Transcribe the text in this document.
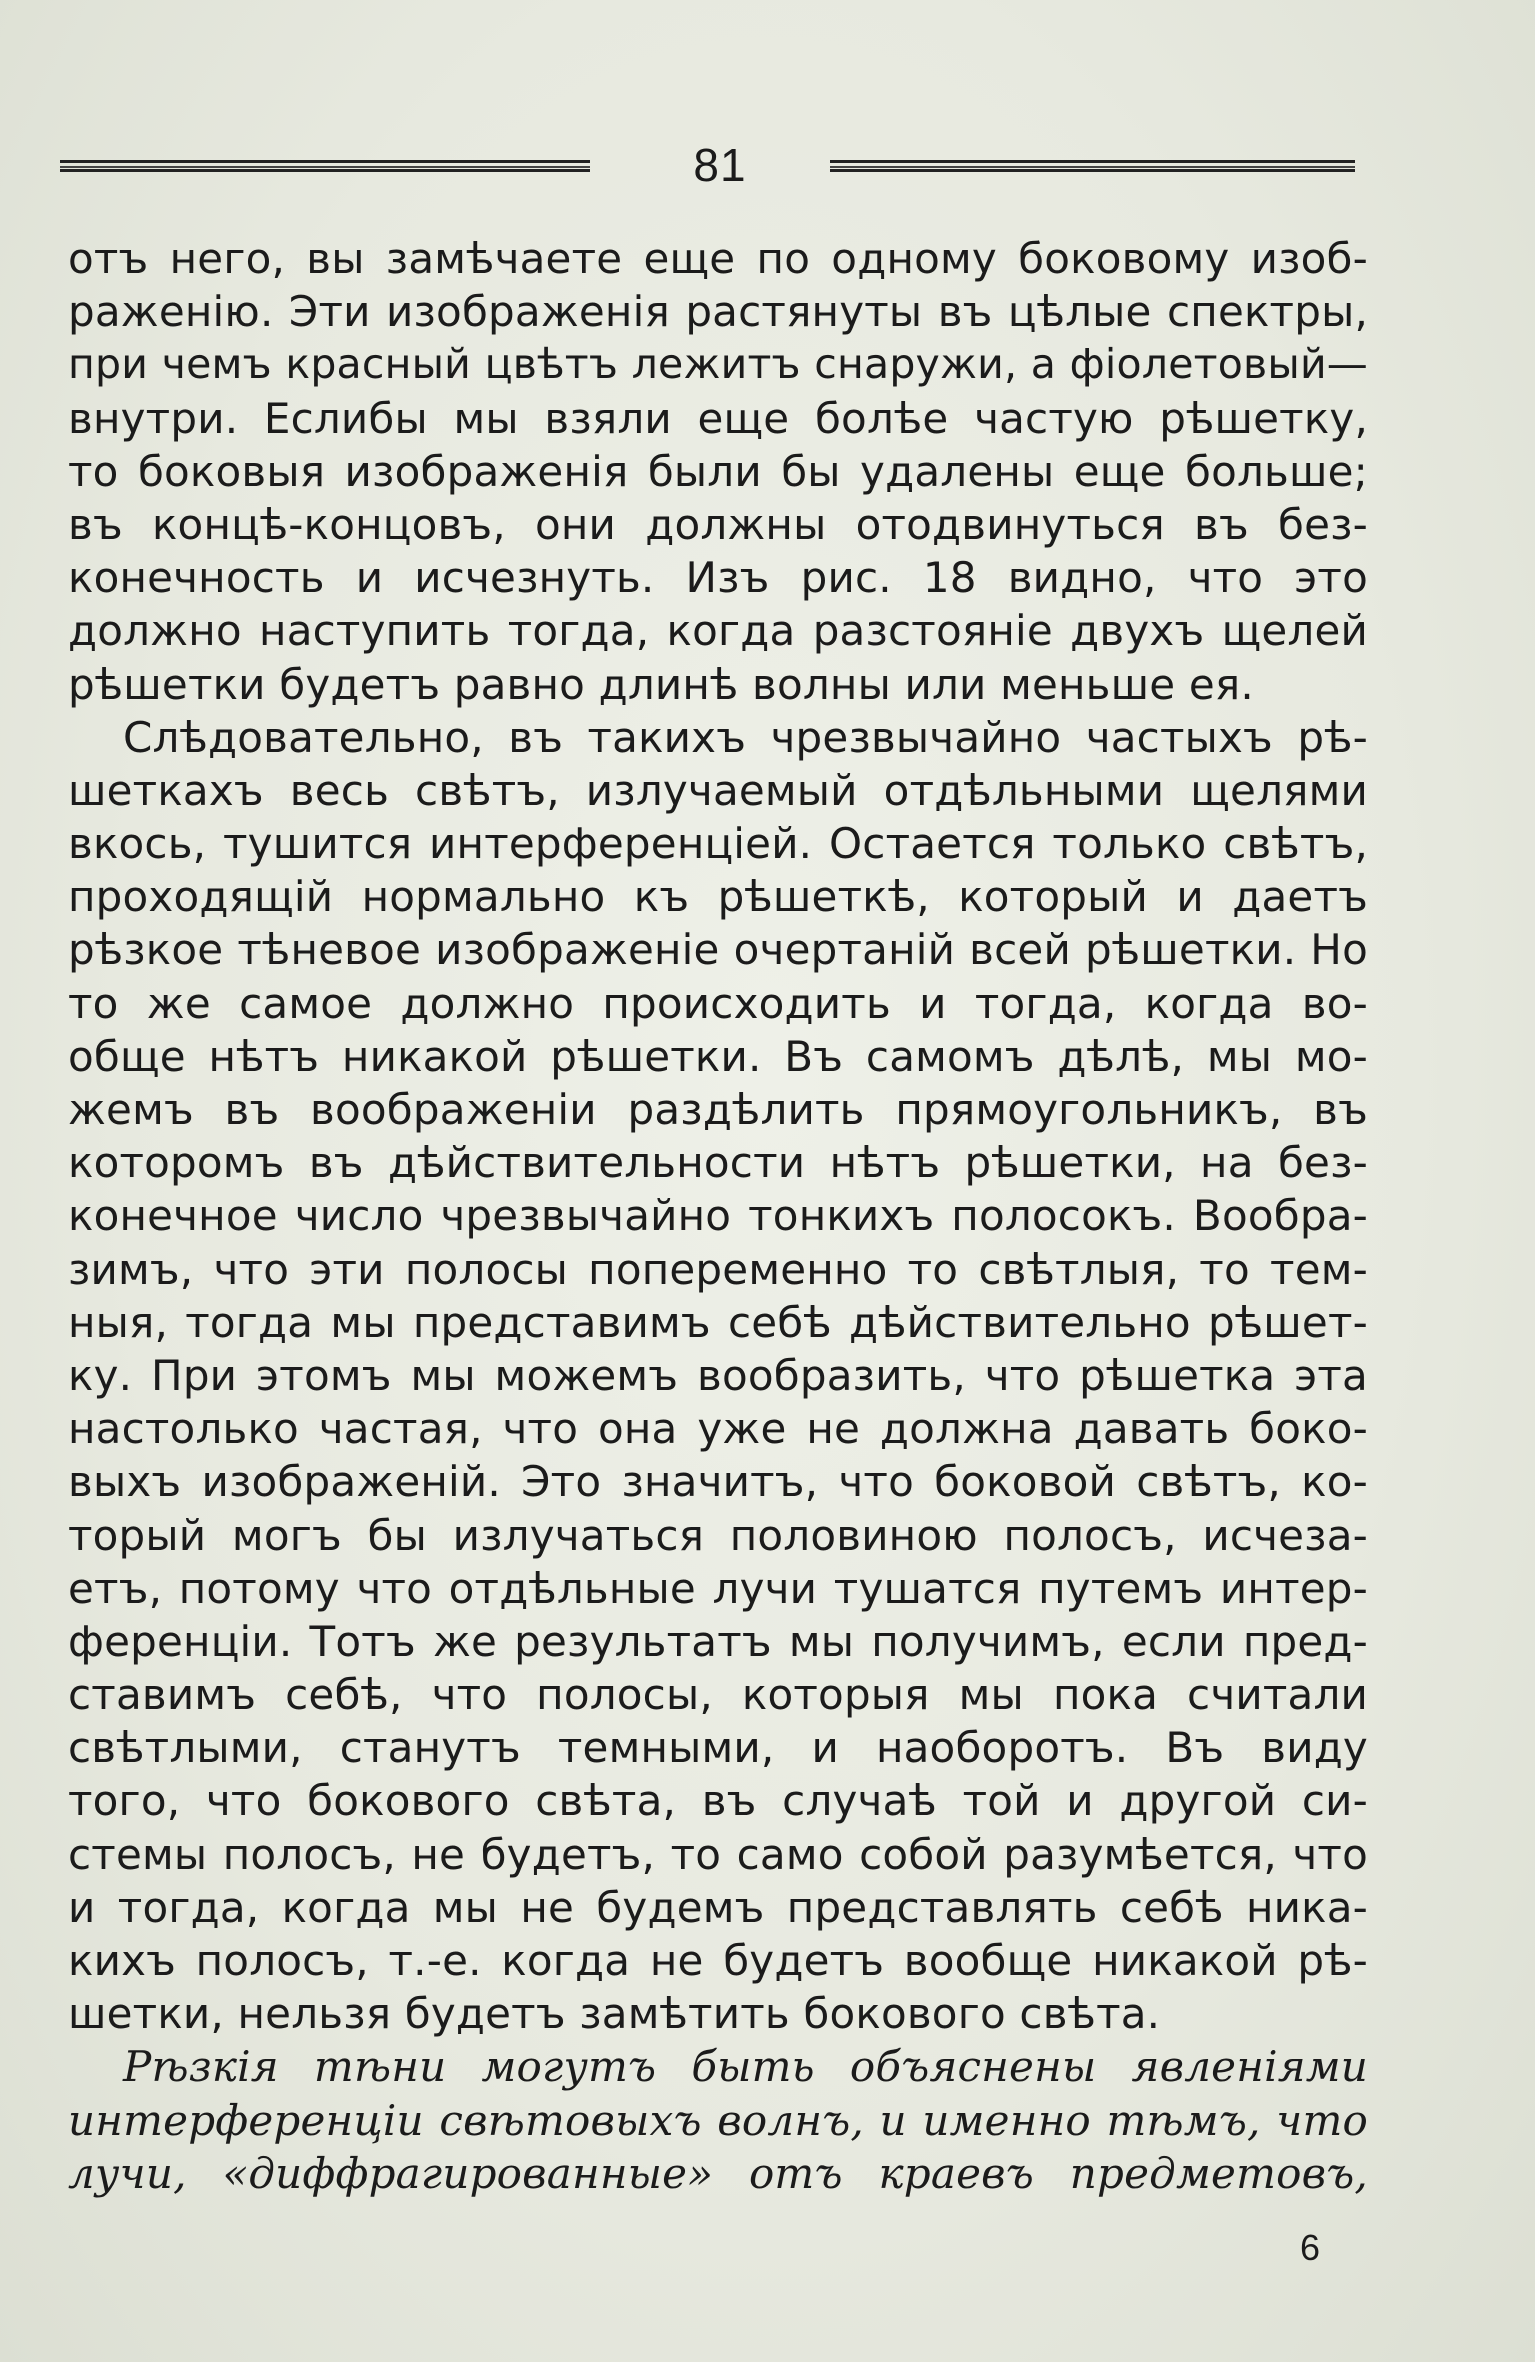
81
отъ него, вы замѣчаете еще по одному боковому изоб-
раженію. Эти изображенія растянуты въ цѣлые спектры,
при чемъ красный цвѣтъ лежитъ снаружи, а фіолетовый—
внутри. Еслибы мы взяли еще болѣе частую рѣшетку,
то боковыя изображенія были бы удалены еще больше;
въ концѣ-концовъ, они должны отодвинуться въ без-
конечность и исчезнуть. Изъ рис. 18 видно, что это
должно наступить тогда, когда разстояніе двухъ щелей
рѣшетки будетъ равно длинѣ волны или меньше ея.
Слѣдовательно, въ такихъ чрезвычайно частыхъ рѣ-
шеткахъ весь свѣтъ, излучаемый отдѣльными щелями
вкось, тушится интерференціей. Остается только свѣтъ,
проходящій нормально къ рѣшеткѣ, который и даетъ
рѣзкое тѣневое изображеніе очертаній всей рѣшетки. Но
то же самое должно происходить и тогда, когда во-
обще нѣтъ никакой рѣшетки. Въ самомъ дѣлѣ, мы мо-
жемъ въ воображеніи раздѣлить прямоугольникъ, въ
которомъ въ дѣйствительности нѣтъ рѣшетки, на без-
конечное число чрезвычайно тонкихъ полосокъ. Вообра-
зимъ, что эти полосы попеременно то свѣтлыя, то тем-
ныя, тогда мы представимъ себѣ дѣйствительно рѣшет-
ку. При этомъ мы можемъ вообразить, что рѣшетка эта
настолько частая, что она уже не должна давать боко-
выхъ изображеній. Это значитъ, что боковой свѣтъ, ко-
торый могъ бы излучаться половиною полосъ, исчеза-
етъ, потому что отдѣльные лучи тушатся путемъ интер-
ференціи. Тотъ же результатъ мы получимъ, если пред-
ставимъ себѣ, что полосы, которыя мы пока считали
свѣтлыми, станутъ темными, и наоборотъ. Въ виду
того, что бокового свѣта, въ случаѣ той и другой си-
стемы полосъ, не будетъ, то само собой разумѣется, что
и тогда, когда мы не будемъ представлять себѣ ника-
кихъ полосъ, т.-е. когда не будетъ вообще никакой рѣ-
шетки, нельзя будетъ замѣтить бокового свѣта.
Рѣзкія тѣни могутъ быть объяснены явленіями
интерференціи свѣтовыхъ волнъ, и именно тѣмъ, что
лучи, «диффрагированные» отъ краевъ предметовъ,
6
